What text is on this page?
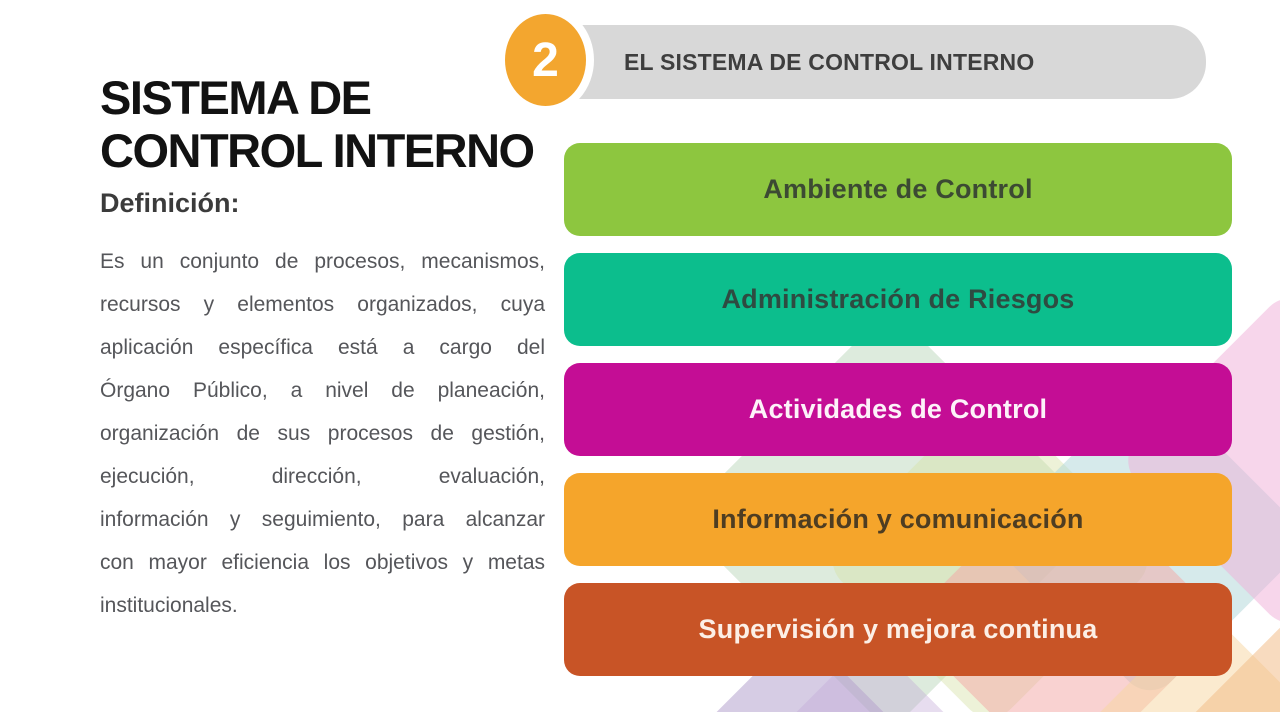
SISTEMA DE
CONTROL INTERNO
Definición:
Es un conjunto de procesos, mecanismos,
recursos y elementos organizados, cuya
aplicación específica está a cargo del
Órgano Público, a nivel de planeación,
organización de sus procesos de gestión,
ejecución, dirección, evaluación,
información y seguimiento, para alcanzar
con mayor eficiencia los objetivos y metas
institucionales.
EL SISTEMA DE CONTROL INTERNO
2
Ambiente de Control
Administración de Riesgos
Actividades de Control
Información y comunicación
Supervisión y mejora continua
